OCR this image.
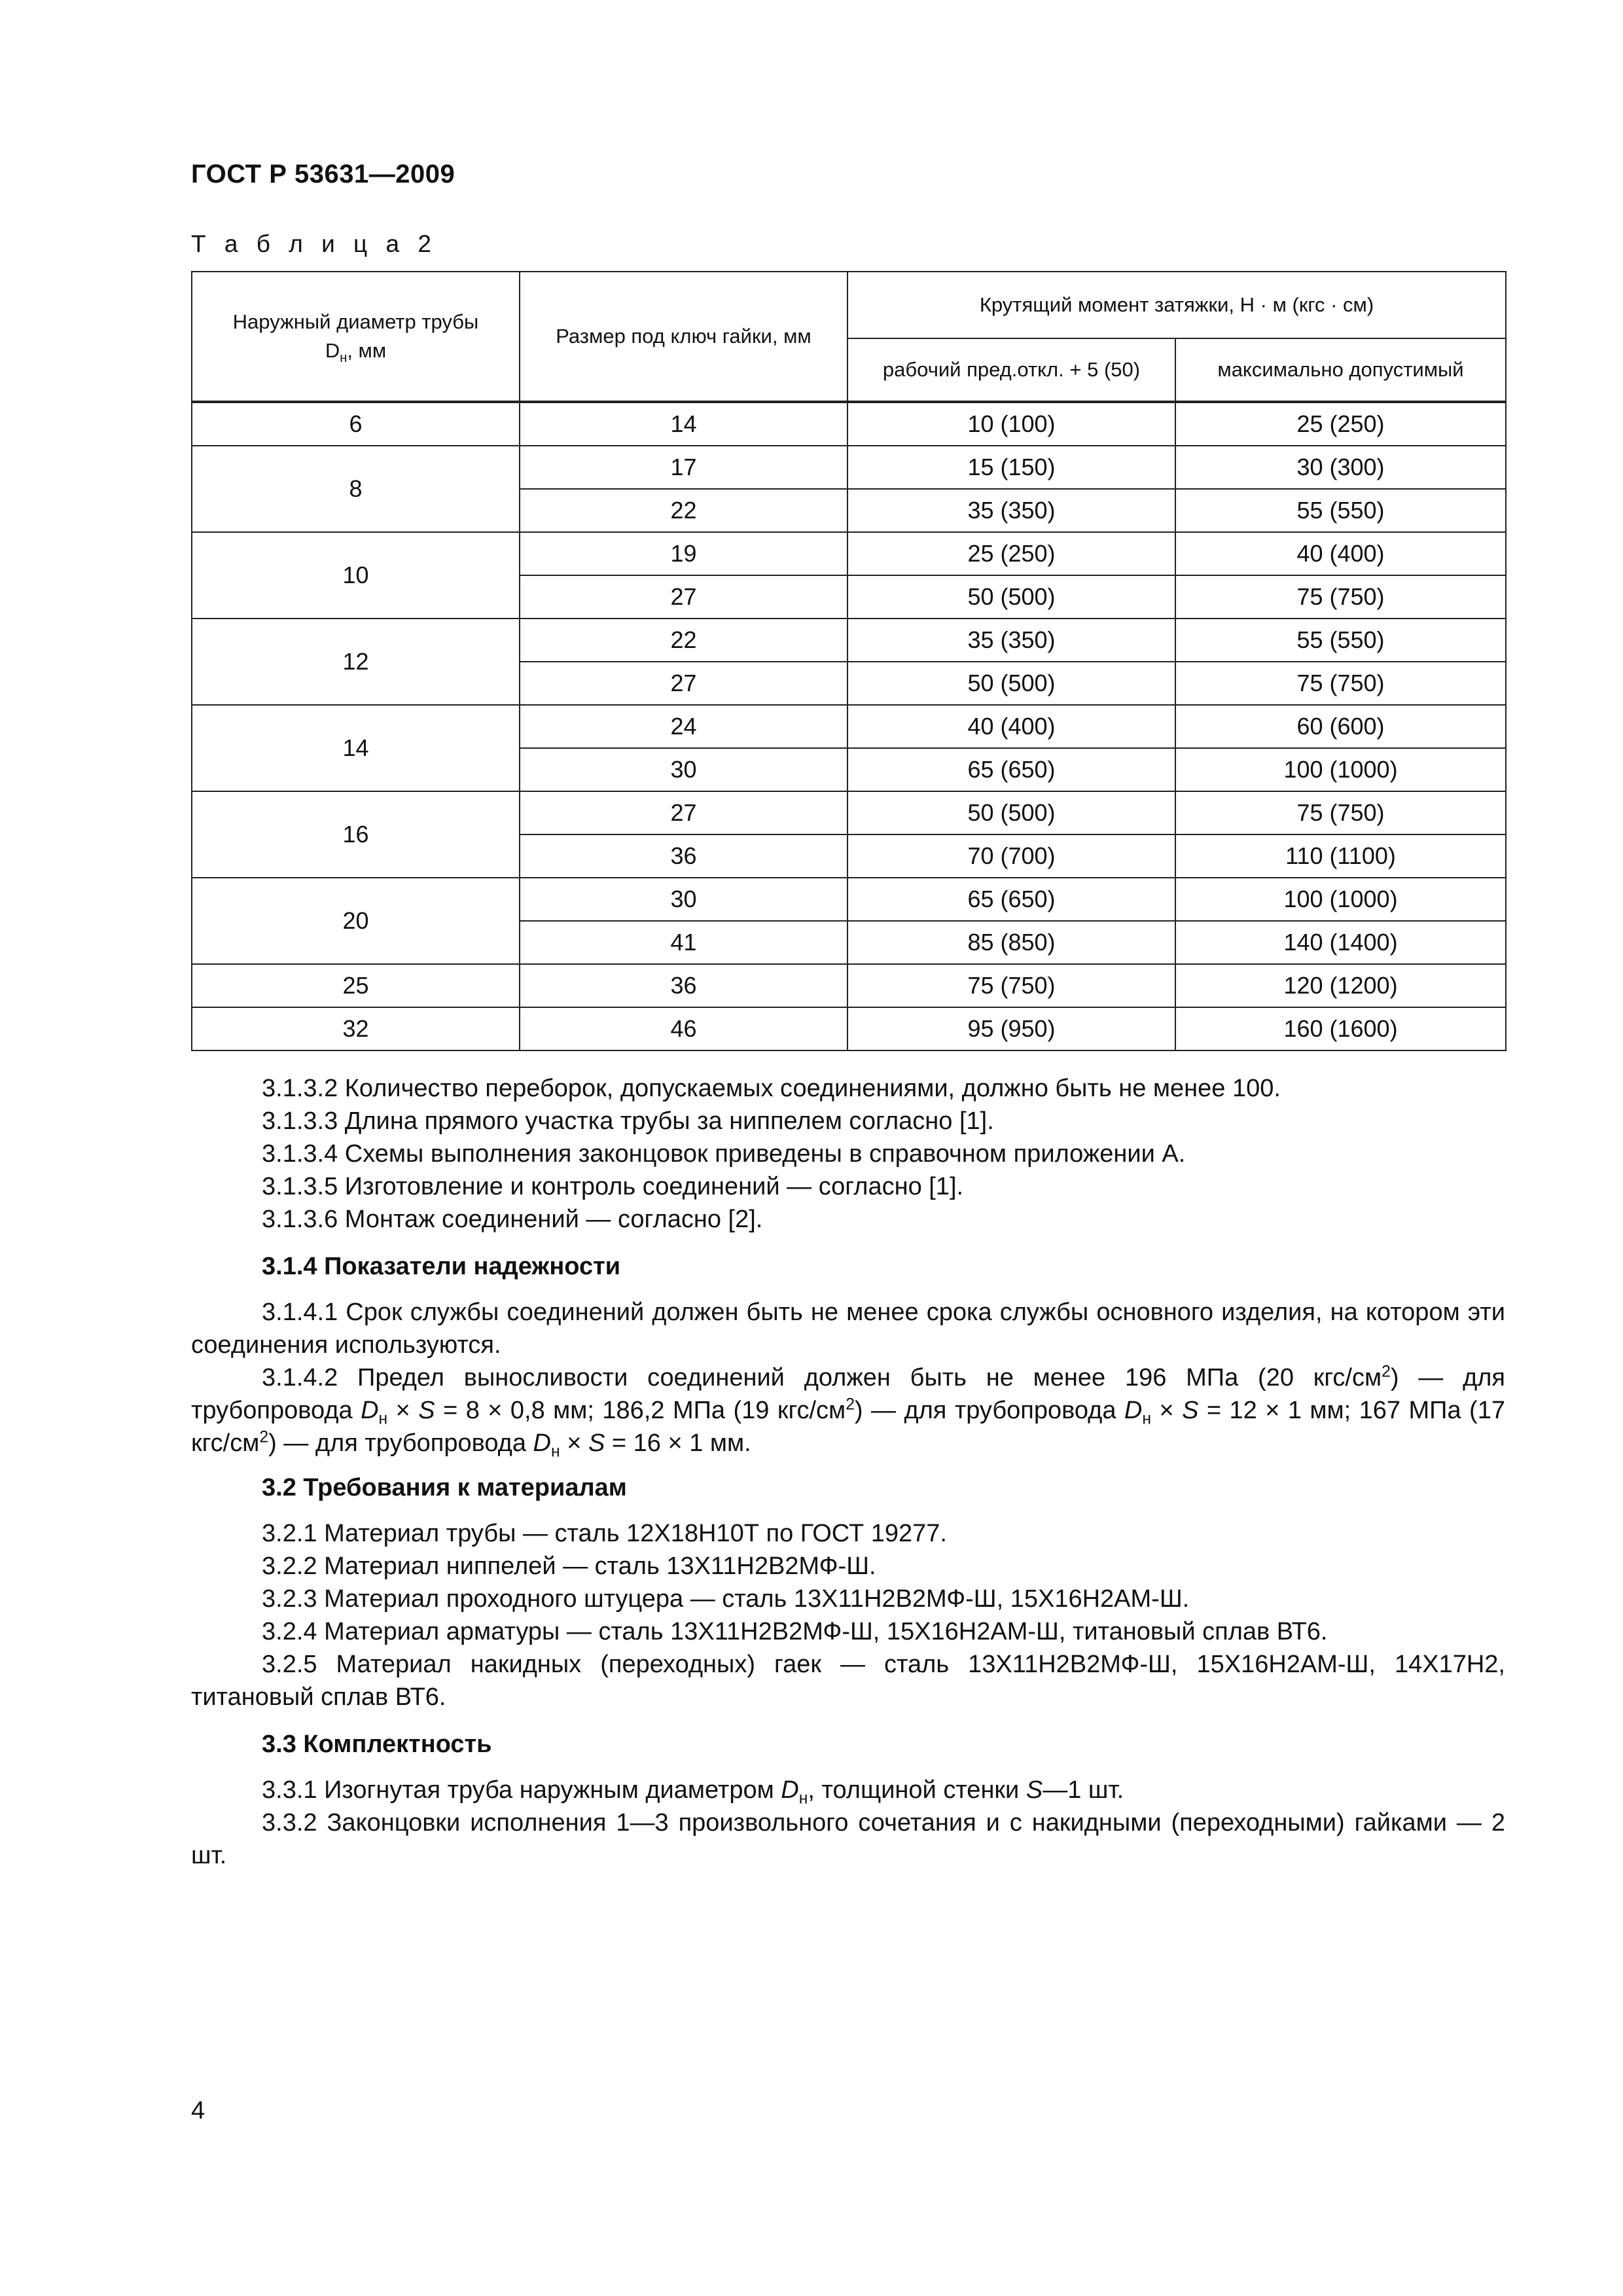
ГОСТ Р 53631—2009
Т а б л и ц а 2
Наружный диаметр трубы
$D_н$, мм	Размер под ключ гайки, мм	Крутящий момент затяжки, Н · м (кгс · см)	
		рабочий пред.откл. + 5 (50)	максимально допустимый
6	14	10 (100)	25 (250)
8	17	15 (150)	30 (300)
	22	35 (350)	55 (550)
10	19	25 (250)	40 (400)
	27	50 (500)	75 (750)
12	22	35 (350)	55 (550)
	27	50 (500)	75 (750)
14	24	40 (400)	60 (600)
	30	65 (650)	100 (1000)
16	27	50 (500)	75 (750)
	36	70 (700)	110 (1100)
20	30	65 (650)	100 (1000)
	41	85 (850)	140 (1400)
25	36	75 (750)	120 (1200)
32	46	95 (950)	160 (1600)
3.1.3.2 Количество переборок, допускаемых соединениями, должно быть не менее 100.
3.1.3.3 Длина прямого участка трубы за ниппелем согласно [1].
3.1.3.4 Схемы выполнения законцовок приведены в справочном приложении А.
3.1.3.5 Изготовление и контроль соединений — согласно [1].
3.1.3.6 Монтаж соединений — согласно [2].
3.1.4 Показатели надежности
3.1.4.1 Срок службы соединений должен быть не менее срока службы основного изделия, на котором эти соединения используются.
3.1.4.2 Предел выносливости соединений должен быть не менее 196 МПа (20 кгс/$см^2$) — для трубопровода $D_н \times S = 8 \times 0,8$ мм; 186,2 МПа (19 кгс/$см^2$) — для трубопровода $D_н \times S = 12 \times 1$ мм; 167 МПа (17 кгс/$см^2$) — для трубопровода $D_н \times S = 16 \times 1$ мм.
3.2 Требования к материалам
3.2.1 Материал трубы — сталь 12Х18Н10Т по ГОСТ 19277.
3.2.2 Материал ниппелей — сталь 13Х11Н2В2МФ-Ш.
3.2.3 Материал проходного штуцера — сталь 13Х11Н2В2МФ-Ш, 15Х16Н2АМ-Ш.
3.2.4 Материал арматуры — сталь 13Х11Н2В2МФ-Ш, 15Х16Н2АМ-Ш, титановый сплав ВТ6.
3.2.5 Материал накидных (переходных) гаек — сталь 13Х11Н2В2МФ-Ш, 15Х16Н2АМ-Ш, 14Х17Н2, титановый сплав ВТ6.
3.3 Комплектность
3.3.1 Изогнутая труба наружным диаметром $D_н$, толщиной стенки S—1 шт.
3.3.2 Законцовки исполнения 1—3 произвольного сочетания и с накидными (переходными) гайками — 2 шт.
4
